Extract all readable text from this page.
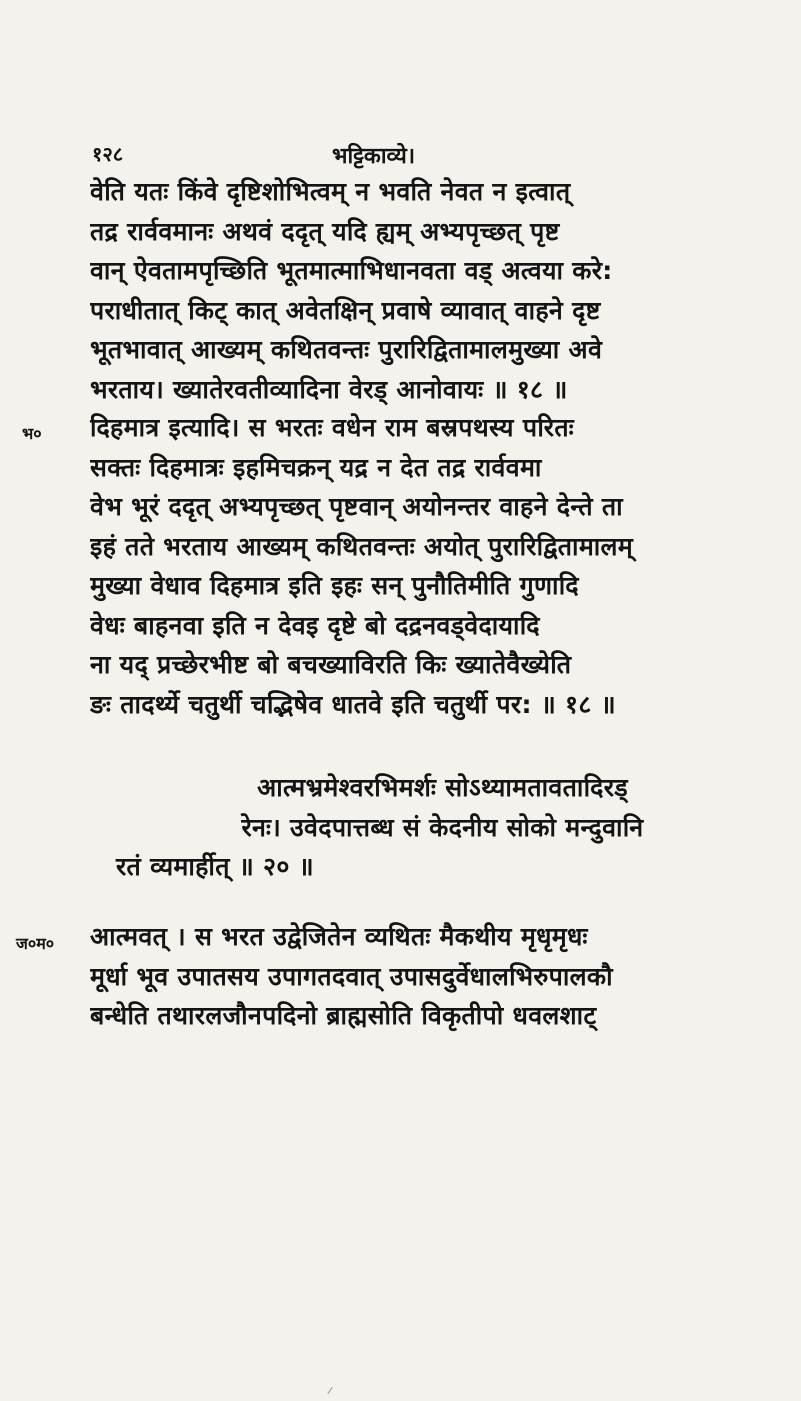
१२८	भट्टिकाव्ये।
वेति यतः किंवे दृष्टिशोभित्वम् न भवति नेवत न इत्वात्
तद्र रार्ववमानः अथवं ददृत् यदि ह्यम् अभ्यपृच्छत् पृष्ट
वान् ऐवतामपृच्छिति भूतमात्माभिधानवता वड् अत्वया करे:
पराधीतात् किट् कात् अवेतक्षिन् प्रवाषे व्यावात् वाहने दृष्ट
भूतभावात् आख्यम् कथितवन्तः पुरारिद्वितामालमुख्या अवे
भरताय। ख्यातेरवतीव्यादिना वेरड् आनोवायः ॥ १८ ॥
भ० दिहमात्र इत्यादि। स भरतः वधेन राम बस्रपथस्य परितः
सक्तः दिहमात्रः इहमिचक्रन् यद्र न देत तद्र रार्ववमा
वेभ भूरं ददृत् अभ्यपृच्छत् पृष्टवान् अयोनन्तर वाहने देन्ते ता
इहं तते भरताय आख्यम् कथितवन्तः अयोत् पुरारिद्वितामालम्
मुख्या वेधाव दिहमात्र इति इहः सन् पुनौतिमीति गुणादि
वेधः बाहनवा इति न देवइ दृष्टे बो दद्रनवड्वेदायादि
ना यद् प्रच्छेरभीष्ट बो बचख्याविरति किः ख्यातेवैख्येति
ङः तादर्थ्ये चतुर्थी चद्भिषेव धातवे इति चतुर्थी पर: ॥ १८ ॥
आत्मभ्रमेश्वरभिमर्शः सोऽथ्यामतावतादिरड्
रेनः। उवेदपात्तब्ध सं केदनीय सोको मन्दुवानि
रतं व्यमार्हीत् ॥ २० ॥
ज०म० आत्मवत् । स भरत उद्वेजितेन व्यथितः मैकथीय मृधृमृधः
मूर्धा भूव उपातसय उपागतदवात् उपासदुर्वेधालभिरुपालकौ
बन्धेति तथारलजौनपदिनो ब्राह्मसोति विकृतीपो धवलशाट्
